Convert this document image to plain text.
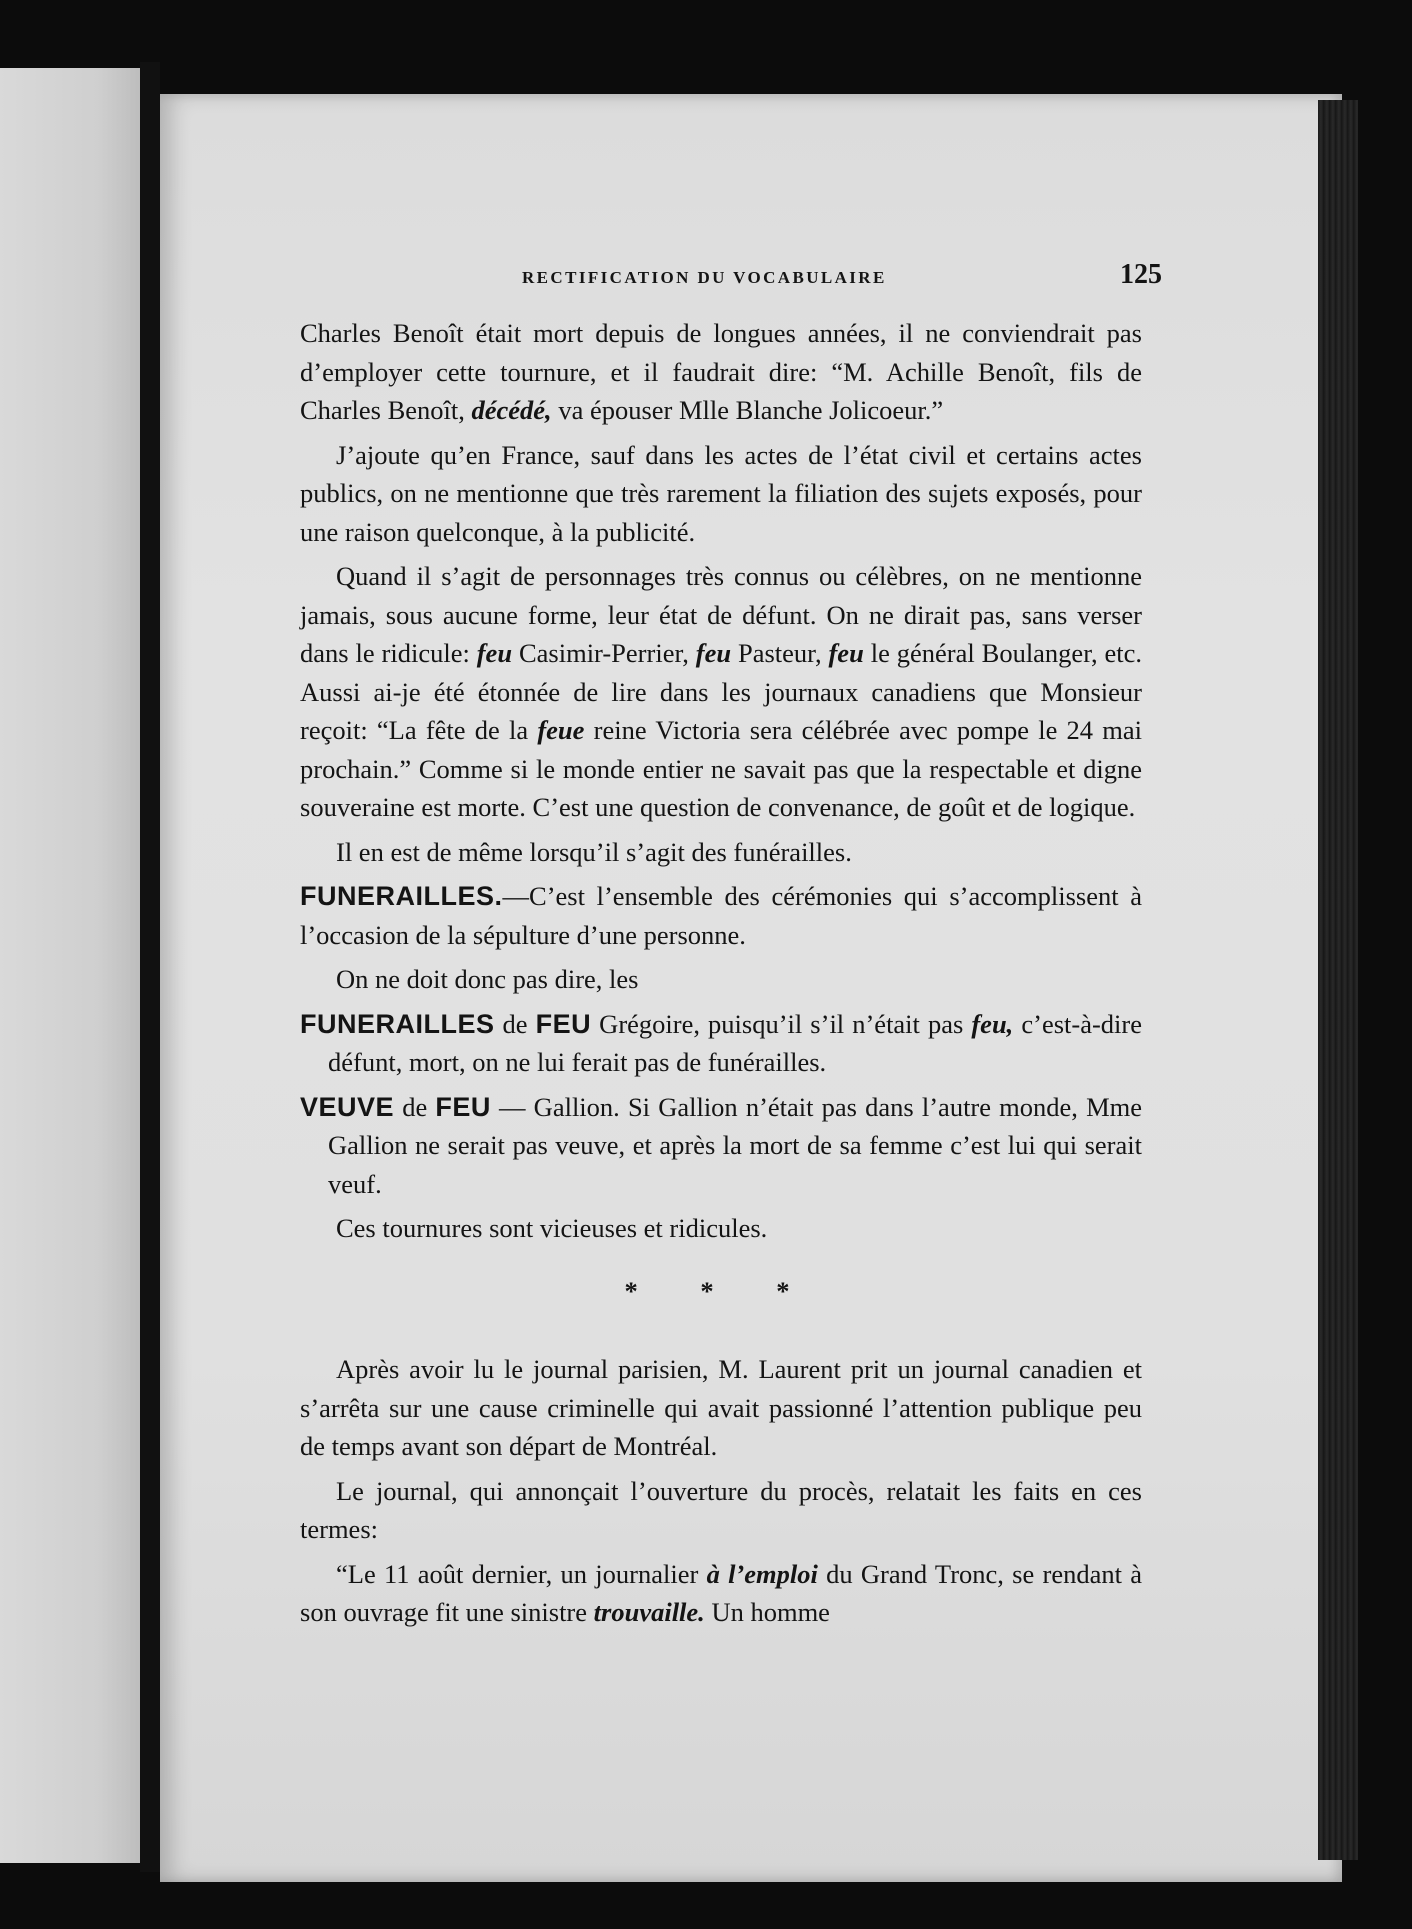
RECTIFICATION DU VOCABULAIRE	125

Charles Benoît était mort depuis de longues années, il ne conviendrait pas d’employer cette tournure, et il faudrait dire: “M. Achille Benoît, fils de Charles Benoît, décédé, va épouser Mlle Blanche Jolicoeur.”

J’ajoute qu’en France, sauf dans les actes de l’état civil et certains actes publics, on ne mentionne que très rarement la filiation des sujets exposés, pour une raison quelconque, à la publicité.

Quand il s’agit de personnages très connus ou célèbres, on ne mentionne jamais, sous aucune forme, leur état de défunt. On ne dirait pas, sans verser dans le ridicule: feu Casimir-Perrier, feu Pasteur, feu le général Boulanger, etc. Aussi ai-je été étonnée de lire dans les journaux canadiens que Monsieur reçoit: “La fête de la feue reine Victoria sera célébrée avec pompe le 24 mai prochain.” Comme si le monde entier ne savait pas que la respectable et digne souveraine est morte. C’est une question de convenance, de goût et de logique.

Il en est de même lorsqu’il s’agit des funérailles.

FUNERAILLES.—C’est l’ensemble des cérémonies qui s’accomplissent à l’occasion de la sépulture d’une personne.

On ne doit donc pas dire, les

FUNERAILLES de FEU Grégoire, puisqu’il s’il n’était pas feu, c’est-à-dire défunt, mort, on ne lui ferait pas de funérailles.

VEUVE de FEU — Gallion. Si Gallion n’était pas dans l’autre monde, Mme Gallion ne serait pas veuve, et après la mort de sa femme c’est lui qui serait veuf.

Ces tournures sont vicieuses et ridicules.

* * *

Après avoir lu le journal parisien, M. Laurent prit un journal canadien et s’arrêta sur une cause criminelle qui avait passionné l’attention publique peu de temps avant son départ de Montréal.

Le journal, qui annonçait l’ouverture du procès, relatait les faits en ces termes:

“Le 11 août dernier, un journalier à l’emploi du Grand Tronc, se rendant à son ouvrage fit une sinistre trouvaille. Un homme
